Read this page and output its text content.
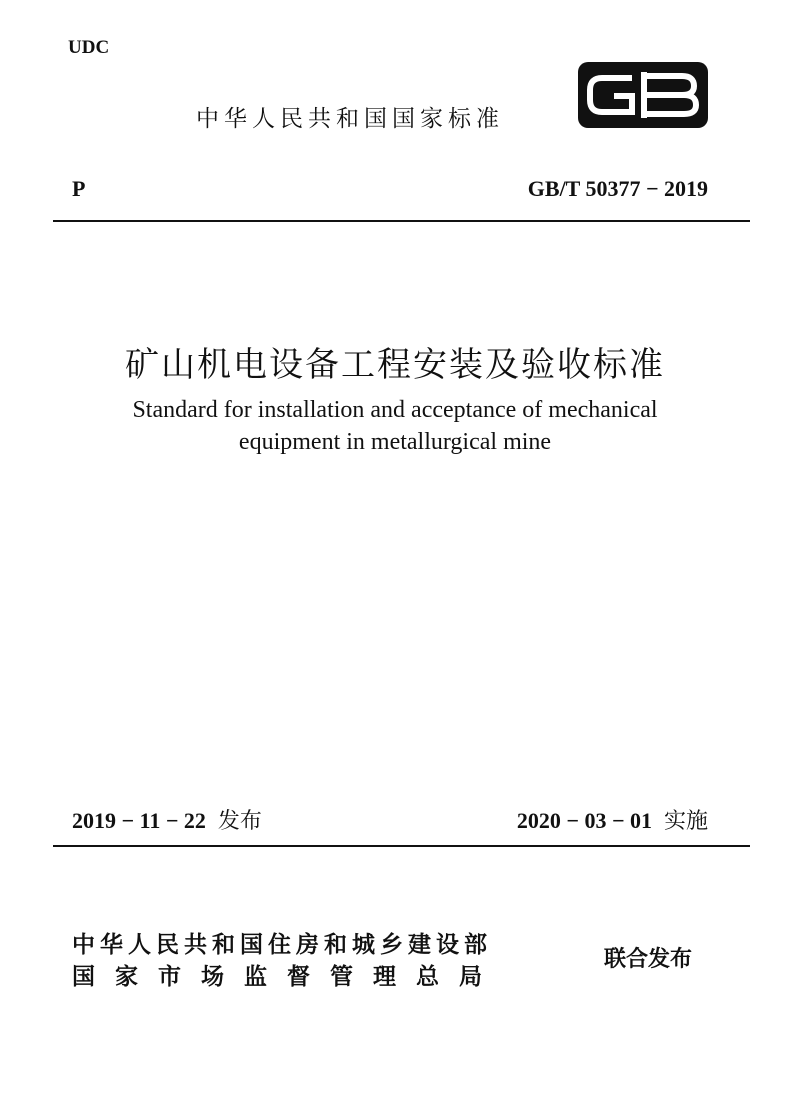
UDC
中华人民共和国国家标准
P	GB/T 50377 − 2019
矿山机电设备工程安装及验收标准
Standard for installation and acceptance of mechanical
equipment in metallurgical mine
2019 − 11 − 22 发布	2020 − 03 − 01 实施
中华人民共和国住房和城乡建设部
国家市场监督管理总局
联合发布
